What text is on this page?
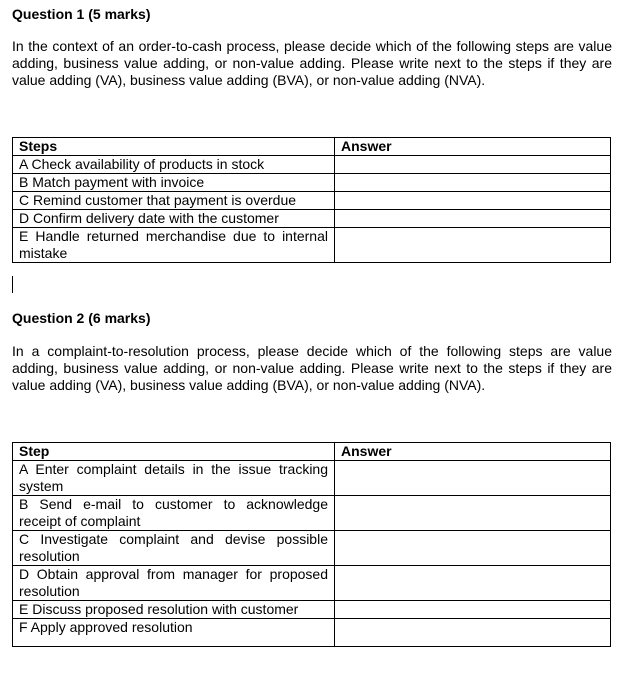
Question 1 (5 marks)
In the context of an order-to-cash process, please decide which of the following steps are value adding, business value adding, or non-value adding. Please write next to the steps if they are value adding (VA), business value adding (BVA), or non-value adding (NVA).
Steps	Answer
A Check availability of products in stock	
B Match payment with invoice	
C Remind customer that payment is overdue	
D Confirm delivery date with the customer	
E Handle returned merchandise due to internal mistake	
Question 2 (6 marks)
In a complaint-to-resolution process, please decide which of the following steps are value adding, business value adding, or non-value adding. Please write next to the steps if they are value adding (VA), business value adding (BVA), or non-value adding (NVA).
Step	Answer
A Enter complaint details in the issue tracking system	
B Send e-mail to customer to acknowledge receipt of complaint	
C Investigate complaint and devise possible resolution	
D Obtain approval from manager for proposed resolution	
E Discuss proposed resolution with customer	
F Apply approved resolution	
